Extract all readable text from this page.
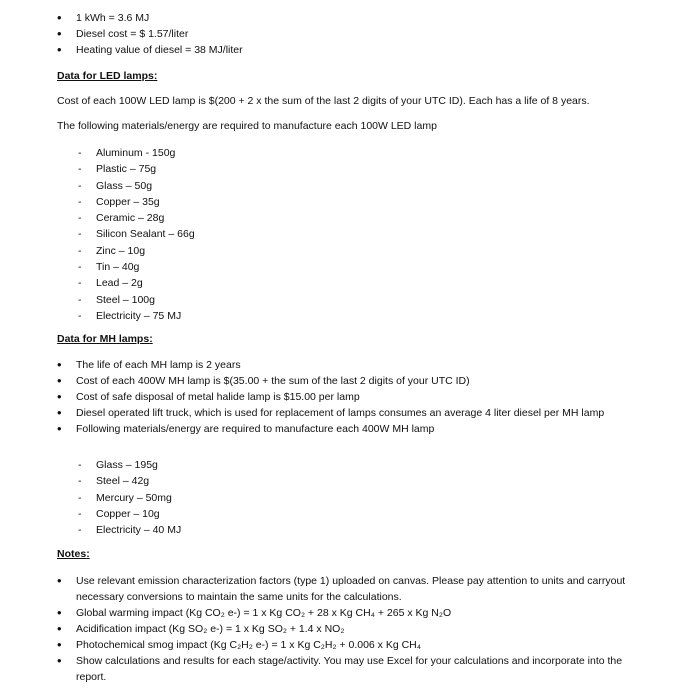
• 1 kWh = 3.6 MJ
• Diesel cost = $ 1.57/liter
• Heating value of diesel = 38 MJ/liter
Data for LED lamps:
Cost of each 100W LED lamp is $(200 + 2 x the sum of the last 2 digits of your UTC ID). Each has a life of 8 years.
The following materials/energy are required to manufacture each 100W LED lamp
- Aluminum - 150g
- Plastic – 75g
- Glass – 50g
- Copper – 35g
- Ceramic – 28g
- Silicon Sealant – 66g
- Zinc – 10g
- Tin – 40g
- Lead – 2g
- Steel – 100g
- Electricity – 75 MJ
Data for MH lamps:
• The life of each MH lamp is 2 years
• Cost of each 400W MH lamp is $(35.00 + the sum of the last 2 digits of your UTC ID)
• Cost of safe disposal of metal halide lamp is $15.00 per lamp
• Diesel operated lift truck, which is used for replacement of lamps consumes an average 4 liter diesel per MH lamp
• Following materials/energy are required to manufacture each 400W MH lamp
- Glass – 195g
- Steel – 42g
- Mercury – 50mg
- Copper – 10g
- Electricity – 40 MJ
Notes:
• Use relevant emission characterization factors (type 1) uploaded on canvas. Please pay attention to units and carryout necessary conversions to maintain the same units for the calculations.
• Global warming impact (Kg CO₂ e-) = 1 x Kg CO₂ + 28 x Kg CH₄ + 265 x Kg N₂O
• Acidification impact (Kg SO₂ e-) = 1 x Kg SO₂ + 1.4 x NO₂
• Photochemical smog impact (Kg C₂H₂ e-) = 1 x Kg C₂H₂ + 0.006 x Kg CH₄
• Show calculations and results for each stage/activity. You may use Excel for your calculations and incorporate into the report.
